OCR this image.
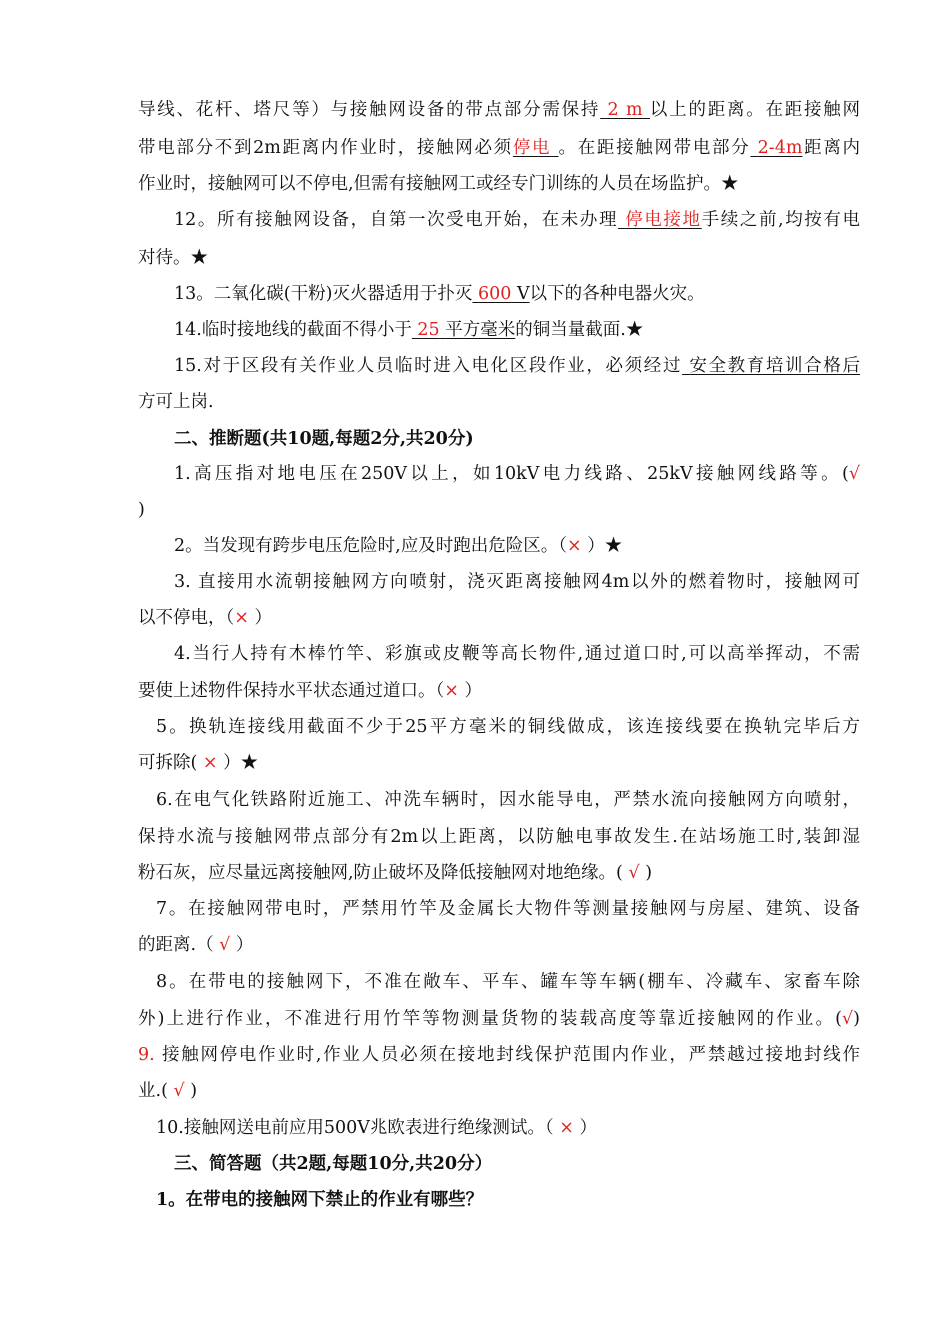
导线、花杆、塔尺等）与接触网设备的带点部分需保持 2 m 以上的距离。在距接触网
带电部分不到2m距离内作业时，接触网必须停电 。在距接触网带电部分 2-4m距离内
作业时，接触网可以不停电,但需有接触网工或经专门训练的人员在场监护。★
12。所有接触网设备，自第一次受电开始，在未办理 停电接地手续之前,均按有电
对待。★
13。二氧化碳(干粉)灭火器适用于扑灭 600 V以下的各种电器火灾。
14.临时接地线的截面不得小于 25 平方毫米的铜当量截面.★
15.对于区段有关作业人员临时进入电化区段作业，必须经过 安全教育培训合格后
方可上岗.
二、推断题(共10题,每题2分,共20分)
1.高压指对地电压在250V以上，如10kV电力线路、25kV接触网线路等。(√
)
2。当发现有跨步电压危险时,应及时跑出危险区。（× ）★
3. 直接用水流朝接触网方向喷射，浇灭距离接触网4m以外的燃着物时，接触网可
以不停电，（× ）
4.当行人持有木棒竹竿、彩旗或皮鞭等高长物件,通过道口时,可以高举挥动，不需
要使上述物件保持水平状态通过道口。（× ）
5。换轨连接线用截面不少于25平方毫米的铜线做成，该连接线要在换轨完毕后方
可拆除( × ）★
6.在电气化铁路附近施工、冲洗车辆时，因水能导电，严禁水流向接触网方向喷射，
保持水流与接触网带点部分有2m以上距离，以防触电事故发生.在站场施工时,装卸湿
粉石灰，应尽量远离接触网,防止破坏及降低接触网对地绝缘。( √ )
7。在接触网带电时，严禁用竹竿及金属长大物件等测量接触网与房屋、建筑、设备
的距离.（ √ ）
8。在带电的接触网下，不准在敞车、平车、罐车等车辆(棚车、冷藏车、家畜车除
外)上进行作业，不准进行用竹竿等物测量货物的装载高度等靠近接触网的作业。(√)
9. 接触网停电作业时,作业人员必须在接地封线保护范围内作业，严禁越过接地封线作
业.( √ )
10.接触网送电前应用500V兆欧表进行绝缘测试。（ × ）
三、简答题（共2题,每题10分,共20分）
1。在带电的接触网下禁止的作业有哪些？
